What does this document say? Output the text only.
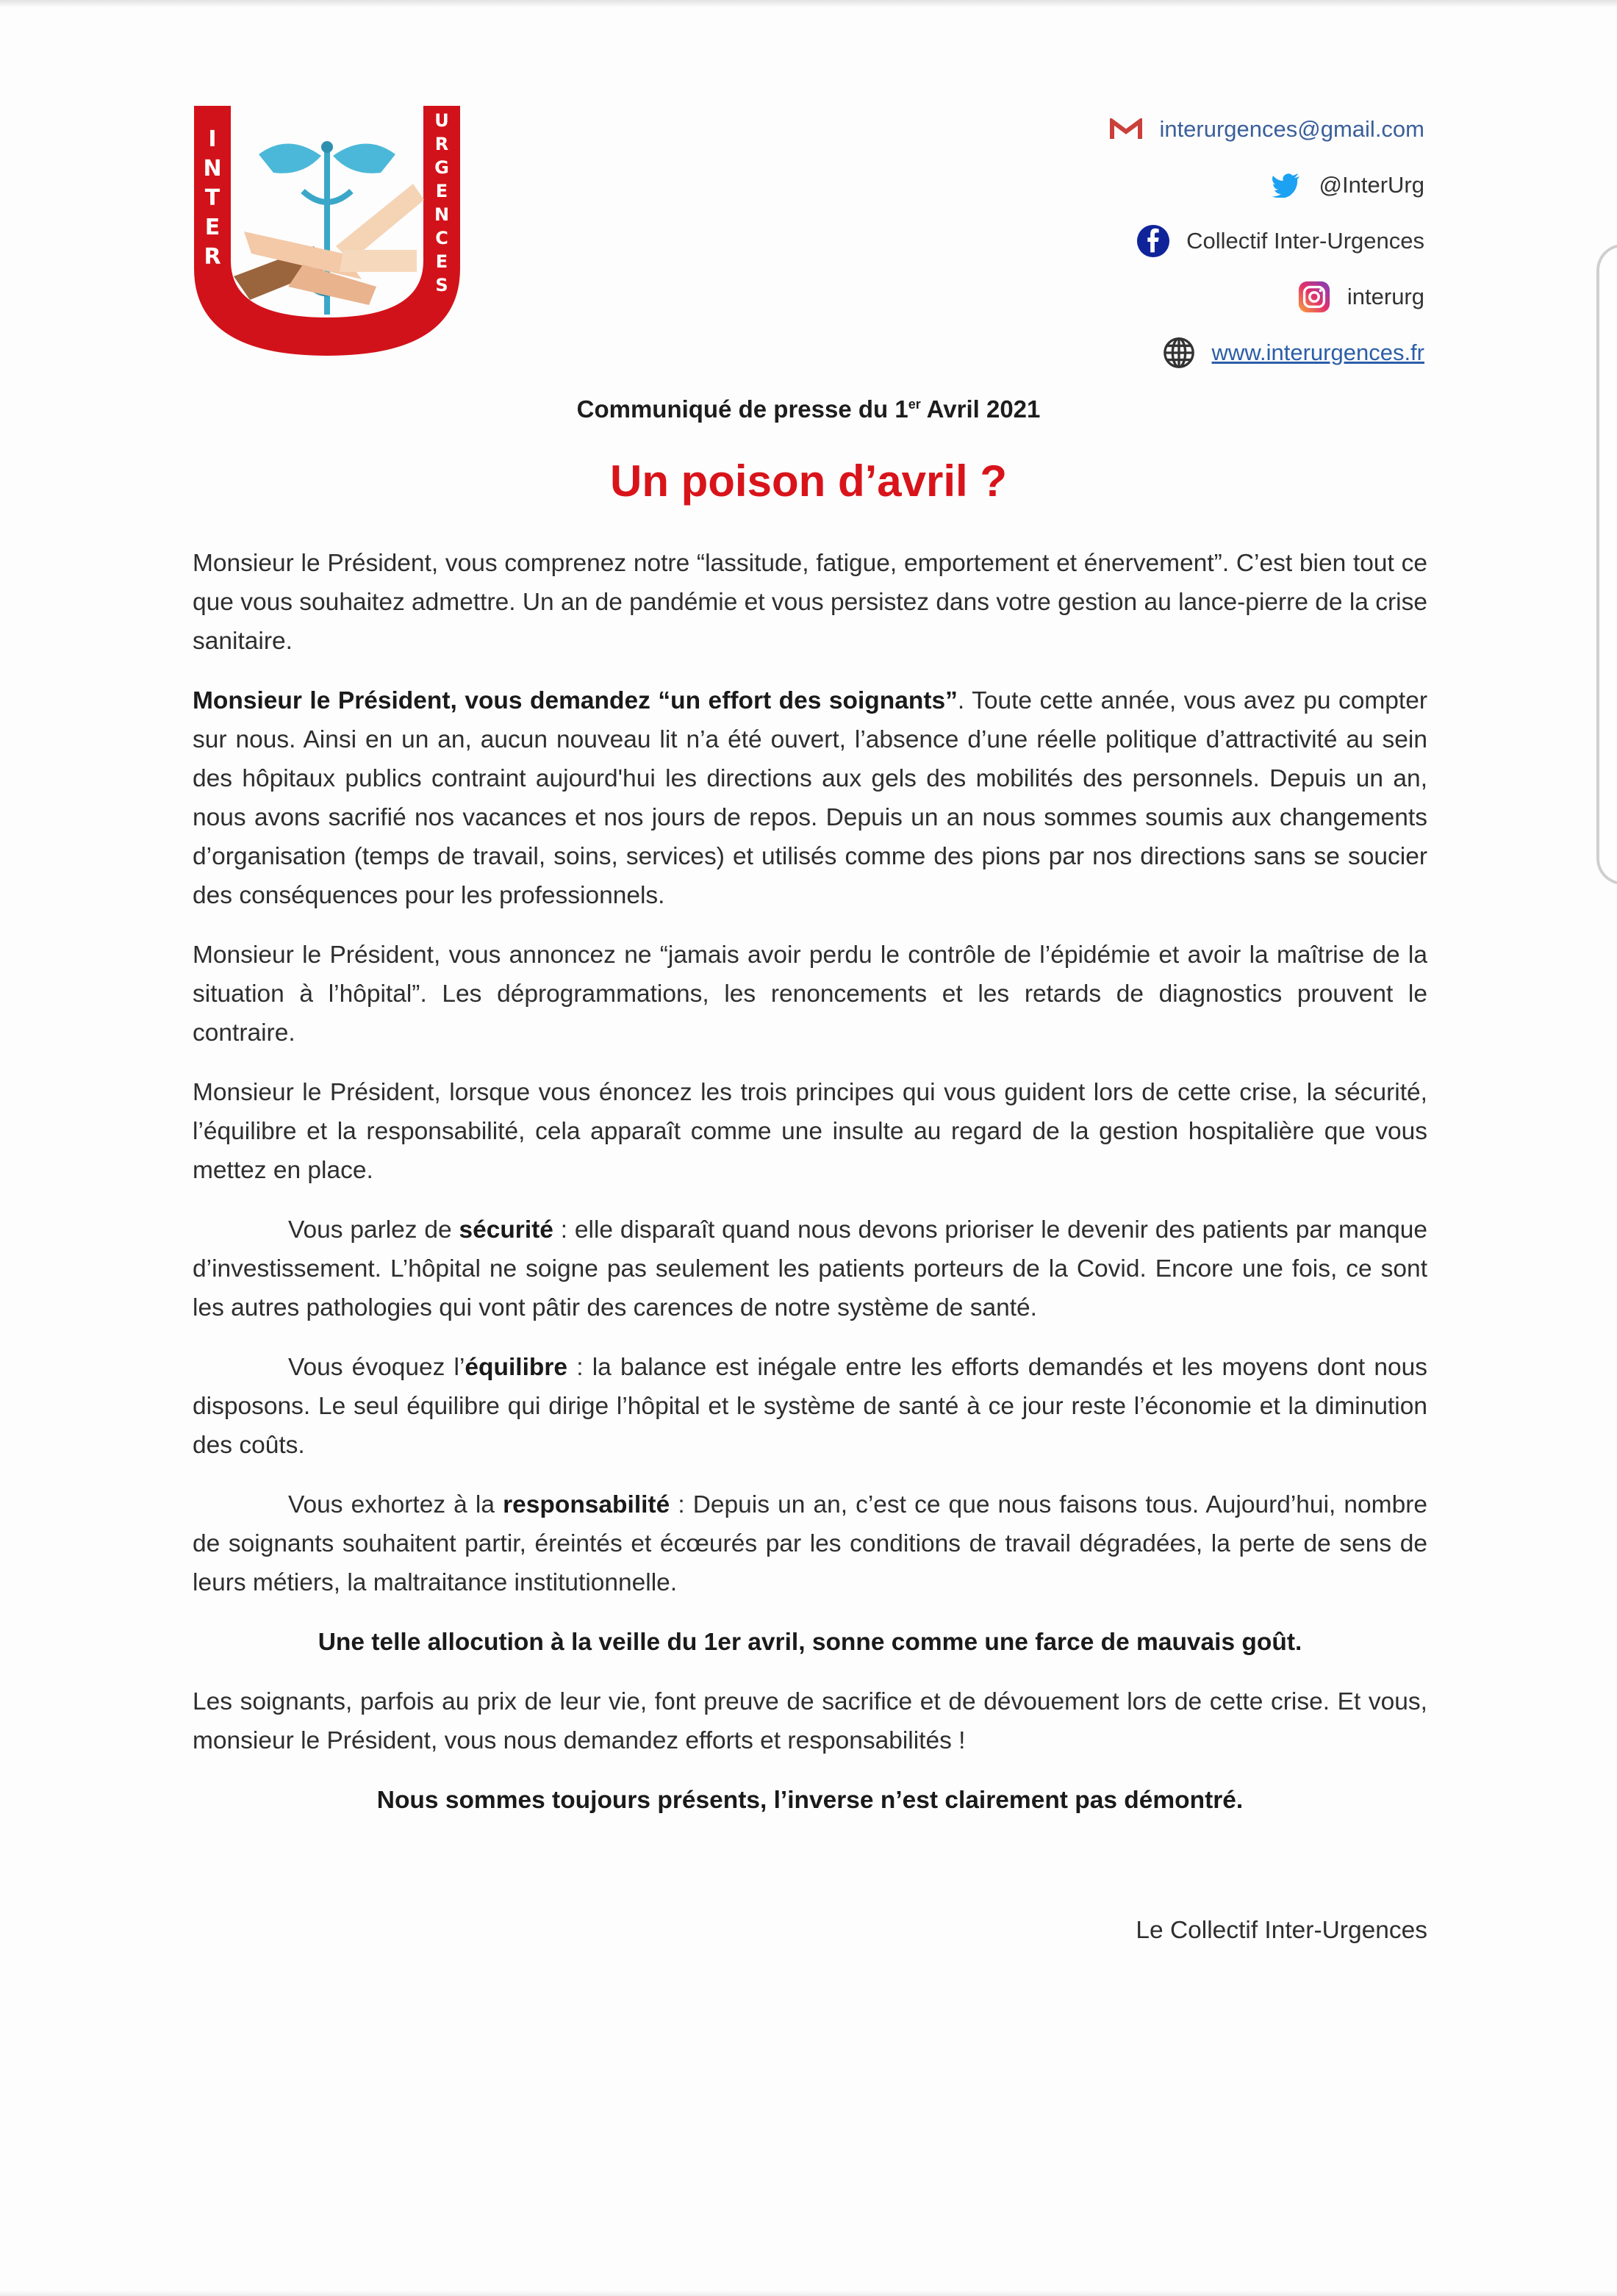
I
N
T
E
R
U
R
G
E
N
C
E
S
interurgences@gmail.com
@InterUrg
Collectif Inter-Urgences
interurg
www.interurgences.fr
Communiqué de presse du 1er Avril 2021
Un poison d’avril ?

Monsieur le Président, vous comprenez notre “lassitude, fatigue, emportement et énervement”. C’est bien tout ce que vous souhaitez admettre. Un an de pandémie et vous persistez dans votre gestion au lance-pierre de la crise sanitaire.

Monsieur le Président, vous demandez “un effort des soignants”. Toute cette année, vous avez pu compter sur nous. Ainsi en un an, aucun nouveau lit n’a été ouvert, l’absence d’une réelle politique d’attractivité au sein des hôpitaux publics contraint aujourd'hui les directions aux gels des mobilités des personnels. Depuis un an, nous avons sacrifié nos vacances et nos jours de repos. Depuis un an nous sommes soumis aux changements d’organisation (temps de travail, soins, services) et utilisés comme des pions par nos directions sans se soucier des conséquences pour les professionnels.

Monsieur le Président, vous annoncez ne “jamais avoir perdu le contrôle de l’épidémie et avoir la maîtrise de la situation à l’hôpital”. Les déprogrammations, les renoncements et les retards de diagnostics prouvent le contraire.

Monsieur le Président, lorsque vous énoncez les trois principes qui vous guident lors de cette crise, la sécurité, l’équilibre et la responsabilité, cela apparaît comme une insulte au regard de la gestion hospitalière que vous mettez en place.

Vous parlez de sécurité : elle disparaît quand nous devons prioriser le devenir des patients par manque d’investissement. L’hôpital ne soigne pas seulement les patients porteurs de la Covid. Encore une fois, ce sont les autres pathologies qui vont pâtir des carences de notre système de santé.

Vous évoquez l’équilibre : la balance est inégale entre les efforts demandés et les moyens dont nous disposons. Le seul équilibre qui dirige l’hôpital et le système de santé à ce jour reste l’économie et la diminution des coûts.

Vous exhortez à la responsabilité : Depuis un an, c’est ce que nous faisons tous. Aujourd’hui, nombre de soignants souhaitent partir, éreintés et écœurés par les conditions de travail dégradées, la perte de sens de leurs métiers, la maltraitance institutionnelle.

Une telle allocution à la veille du 1er avril, sonne comme une farce de mauvais goût.

Les soignants, parfois au prix de leur vie, font preuve de sacrifice et de dévouement lors de cette crise. Et vous, monsieur le Président, vous nous demandez efforts et responsabilités !

Nous sommes toujours présents, l’inverse n’est clairement pas démontré.

Le Collectif Inter-Urgences
